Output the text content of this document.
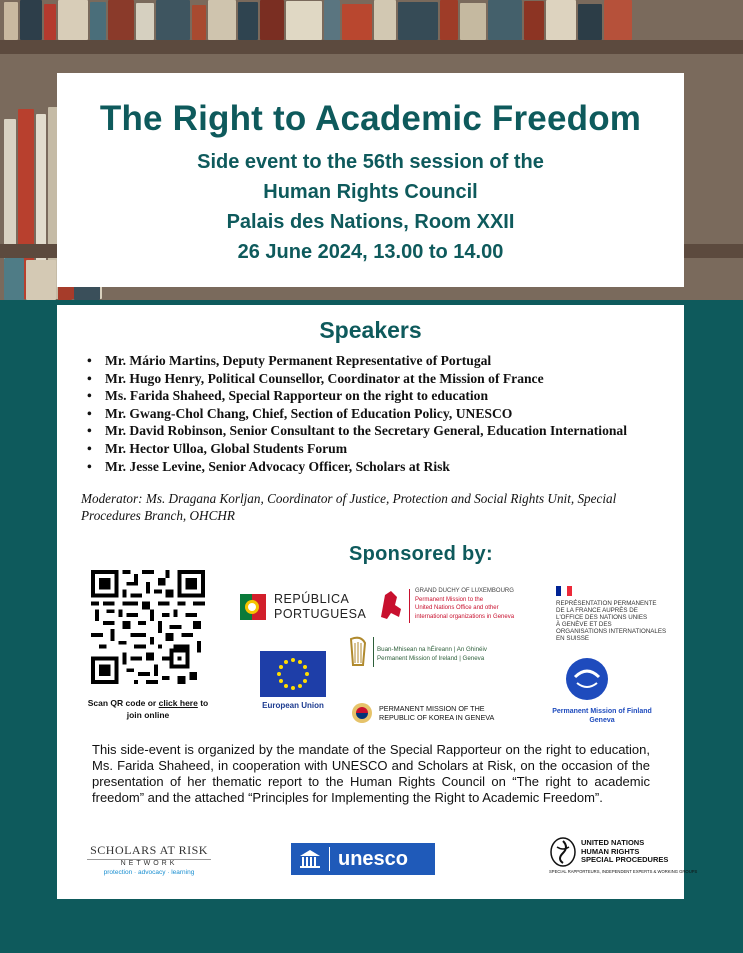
The Right to Academic Freedom
Side event to the 56th session of the
Human Rights Council
Palais des Nations, Room XXII
26 June 2024, 13.00 to 14.00
Speakers
• Mr. Mário Martins, Deputy Permanent Representative of Portugal
• Mr. Hugo Henry, Political Counsellor, Coordinator at the Mission of France
• Ms. Farida Shaheed, Special Rapporteur on the right to education
• Mr. Gwang-Chol Chang, Chief, Section of Education Policy, UNESCO
• Mr. David Robinson, Senior Consultant to the Secretary General, Education International
• Mr. Hector Ulloa, Global Students Forum
• Mr. Jesse Levine, Senior Advocacy Officer, Scholars at Risk
Moderator: Ms. Dragana Korljan, Coordinator of Justice, Protection and Social Rights Unit, Special Procedures Branch, OHCHR
Sponsored by:
Scan QR code or click here to join online
REPÚBLICA
PORTUGUESA
GRAND DUCHY OF LUXEMBOURG
Permanent Mission to the
United Nations Office and other
international organizations in Geneva
REPRÉSENTATION PERMANENTE
DE LA FRANCE AUPRÈS DE
L'OFFICE DES NATIONS UNIES
À GENÈVE ET DES
ORGANISATIONS INTERNATIONALES
EN SUISSE
Buan-Mhisean na hÉireann | An Ghinéiv
Permanent Mission of Ireland | Geneva
European Union	PERMANENT MISSION OF THE
REPUBLIC OF KOREA IN GENEVA
Permanent Mission of Finland Geneva
This side-event is organized by the mandate of the Special Rapporteur on the right to education, Ms. Farida Shaheed, in cooperation with UNESCO and Scholars at Risk, on the occasion of the presentation of her thematic report to the Human Rights Council on “The right to academic freedom” and the attached “Principles for Implementing the Right to Academic Freedom”.
SCHOLARS AT RISK
NETWORK
protection · advocacy · learning
unesco
UNITED NATIONS
HUMAN RIGHTS
SPECIAL PROCEDURES
SPECIAL RAPPORTEURS, INDEPENDENT EXPERTS & WORKING GROUPS
